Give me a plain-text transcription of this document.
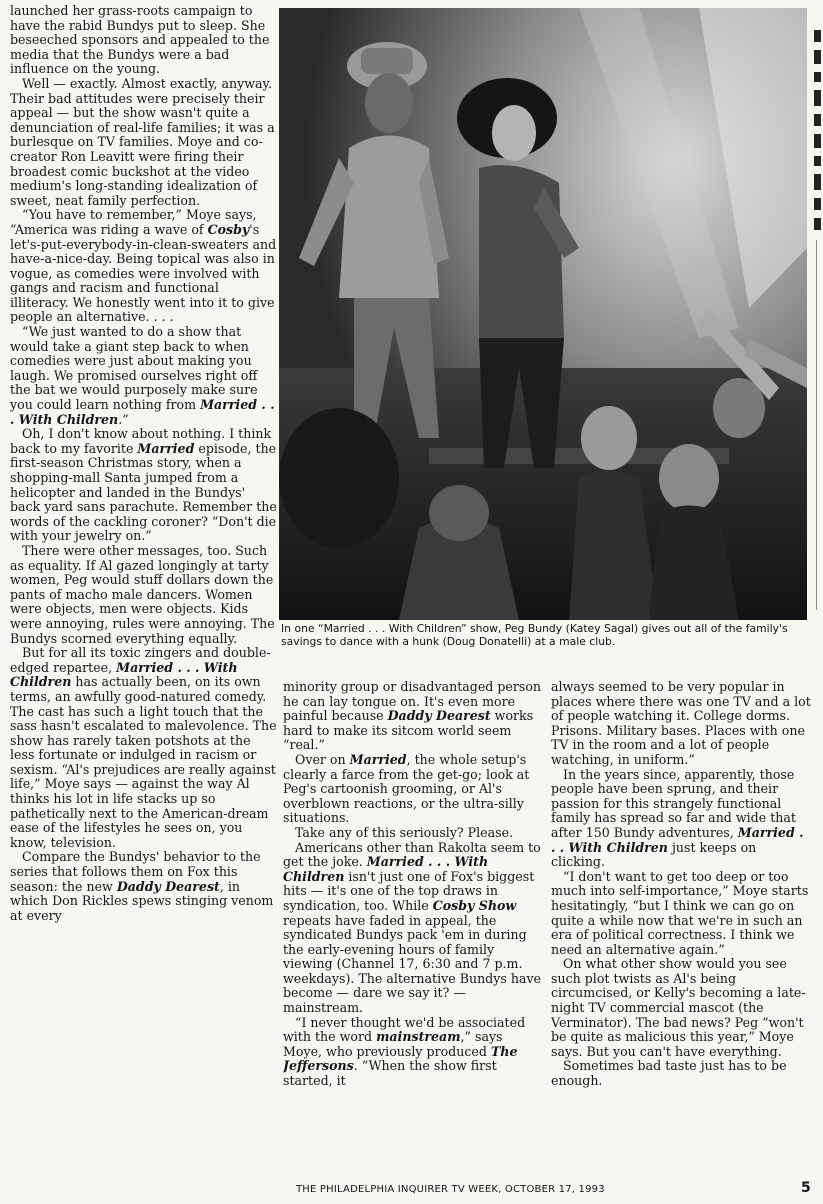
launched her grass-roots campaign to have the rabid Bundys put to sleep. She beseeched sponsors and appealed to the media that the Bundys were a bad influence on the young.

Well — exactly. Almost exactly, anyway. Their bad attitudes were precisely their appeal — but the show wasn't quite a denunciation of real-life families; it was a burlesque on TV families. Moye and co-creator Ron Leavitt were firing their broadest comic buckshot at the video medium's long-standing idealization of sweet, neat family perfection.

“You have to remember,” Moye says, “America was riding a wave of Cosby's let's-put-everybody-in-clean-sweaters and have-a-nice-day. Being topical was also in vogue, as comedies were involved with gangs and racism and functional illiteracy. We honestly went into it to give people an alternative. . . .

“We just wanted to do a show that would take a giant step back to when comedies were just about making you laugh. We promised ourselves right off the bat we would purposely make sure you could learn nothing from Married . . . With Children.”

Oh, I don't know about nothing. I think back to my favorite Married episode, the first-season Christmas story, when a shopping-mall Santa jumped from a helicopter and landed in the Bundys' back yard sans parachute. Remember the words of the cackling coroner? “Don't die with your jewelry on.”

There were other messages, too. Such as equality. If Al gazed longingly at tarty women, Peg would stuff dollars down the pants of macho male dancers. Women were objects, men were objects. Kids were annoying, rules were annoying. The Bundys scorned everything equally.

But for all its toxic zingers and double-edged repartee, Married . . . With Children has actually been, on its own terms, an awfully good-natured comedy. The cast has such a light touch that the sass hasn't escalated to malevolence. The show has rarely taken potshots at the less fortunate or indulged in racism or sexism. “Al's prejudices are really against life,” Moye says — against the way Al thinks his lot in life stacks up so pathetically next to the American-dream ease of the lifestyles he sees on, you know, television.

Compare the Bundys' behavior to the series that follows them on Fox this season: the new Daddy Dearest, in which Don Rickles spews stinging venom at every

In one “Married . . . With Children” show, Peg Bundy (Katey Sagal) gives out all of the family's savings to dance with a hunk (Doug Donatelli) at a male club.

minority group or disadvantaged person he can lay tongue on. It's even more painful because Daddy Dearest works hard to make its sitcom world seem “real.”

Over on Married, the whole setup's clearly a farce from the get-go; look at Peg's cartoonish grooming, or Al's overblown reactions, or the ultra-silly situations.

Take any of this seriously? Please.

Americans other than Rakolta seem to get the joke. Married . . . With Children isn't just one of Fox's biggest hits — it's one of the top draws in syndication, too. While Cosby Show repeats have faded in appeal, the syndicated Bundys pack 'em in during the early-evening hours of family viewing (Channel 17, 6:30 and 7 p.m. weekdays). The alternative Bundys have become — dare we say it? — mainstream.

“I never thought we'd be associated with the word mainstream,” says Moye, who previously produced The Jeffersons. “When the show first started, it

always seemed to be very popular in places where there was one TV and a lot of people watching it. College dorms. Prisons. Military bases. Places with one TV in the room and a lot of people watching, in uniform.”

In the years since, apparently, those people have been sprung, and their passion for this strangely functional family has spread so far and wide that after 150 Bundy adventures, Married . . . With Children just keeps on clicking.

“I don't want to get too deep or too much into self-importance,” Moye starts hesitatingly, “but I think we can go on quite a while now that we're in such an era of political correctness. I think we need an alternative again.”

On what other show would you see such plot twists as Al's being circumcised, or Kelly's becoming a late-night TV commercial mascot (the Verminator). The bad news? Peg “won't be quite as malicious this year,” Moye says. But you can't have everything.

Sometimes bad taste just has to be enough.

THE PHILADELPHIA INQUIRER TV WEEK, OCTOBER 17, 1993	5
